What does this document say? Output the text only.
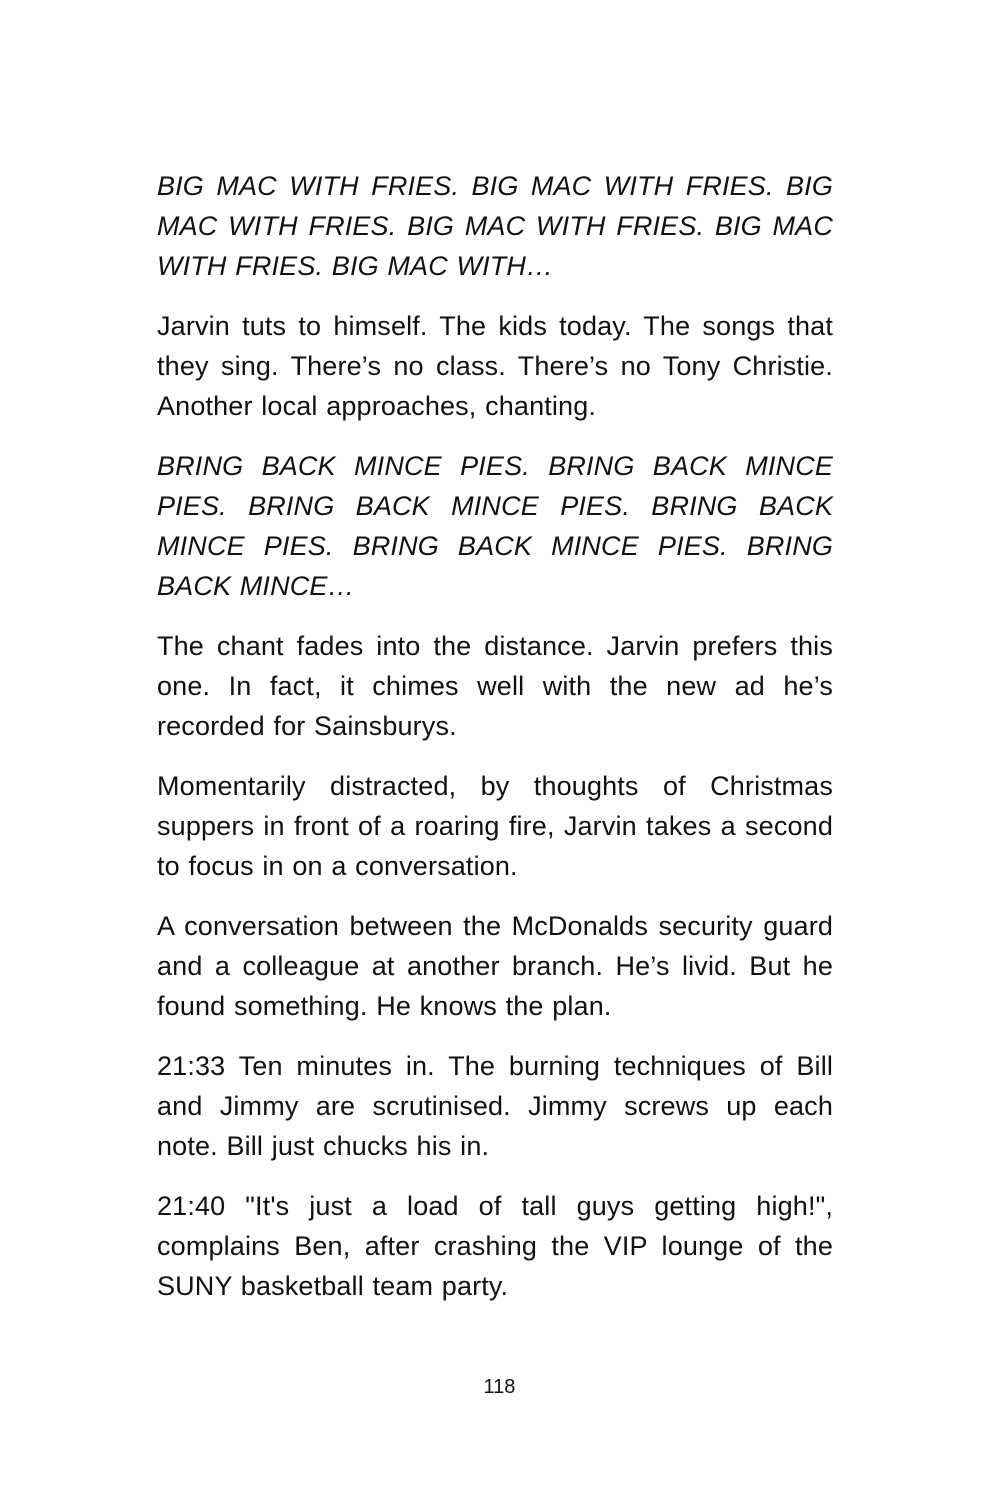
BIG MAC WITH FRIES. BIG MAC WITH FRIES. BIG MAC WITH FRIES. BIG MAC WITH FRIES. BIG MAC WITH FRIES. BIG MAC WITH…

Jarvin tuts to himself. The kids today. The songs that they sing. There’s no class. There’s no Tony Christie. Another local approaches, chanting.

BRING BACK MINCE PIES. BRING BACK MINCE PIES. BRING BACK MINCE PIES. BRING BACK MINCE PIES. BRING BACK MINCE PIES. BRING BACK MINCE…

The chant fades into the distance. Jarvin prefers this one. In fact, it chimes well with the new ad he’s recorded for Sainsburys.

Momentarily distracted, by thoughts of Christmas suppers in front of a roaring fire, Jarvin takes a second to focus in on a conversation.

A conversation between the McDonalds security guard and a colleague at another branch. He’s livid. But he found something. He knows the plan.

21:33 Ten minutes in. The burning techniques of Bill and Jimmy are scrutinised. Jimmy screws up each note. Bill just chucks his in.

21:40 "It's just a load of tall guys getting high!", complains Ben, after crashing the VIP lounge of the SUNY basketball team party.

118
